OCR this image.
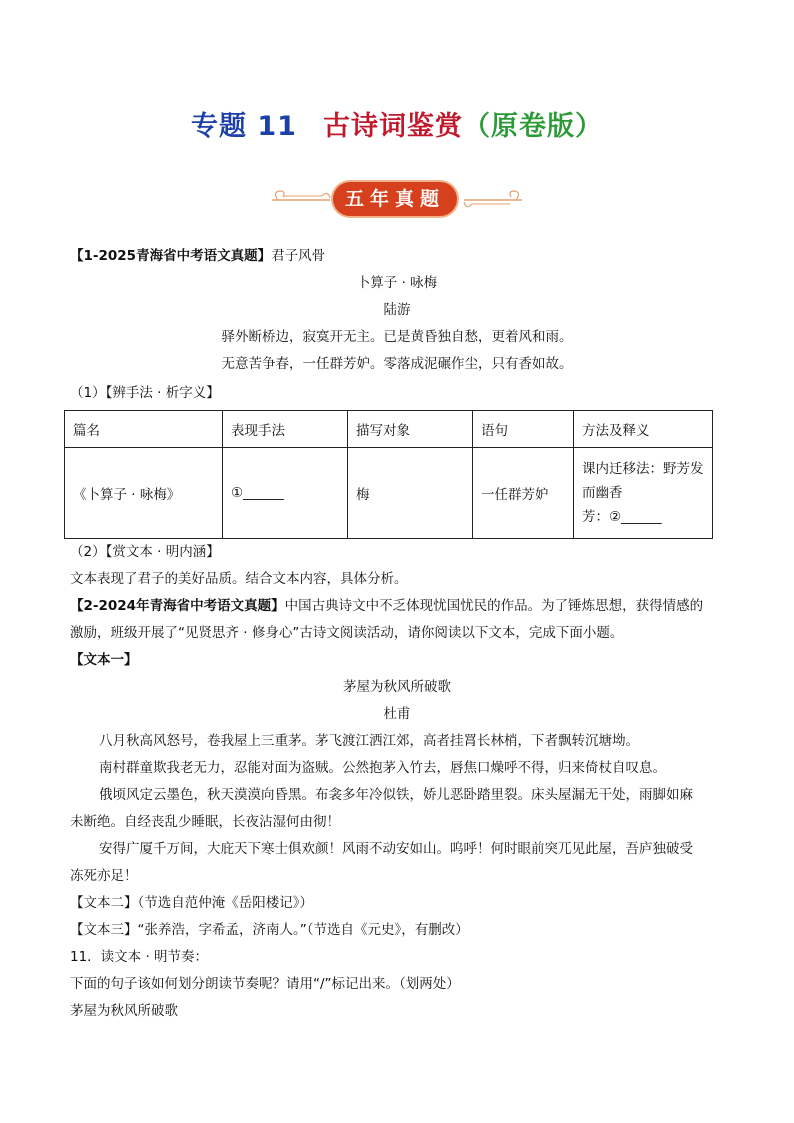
专题 11 古诗词鉴赏（原卷版）
五年真题
【1-2025青海省中考语文真题】君子风骨
卜算子 · 咏梅
陆游
驿外断桥边，寂寞开无主。已是黄昏独自愁，更着风和雨。
无意苦争春，一任群芳妒。零落成泥碾作尘，只有香如故。
（1）【辨手法 · 析字义】
篇名	表现手法	描写对象	语句	方法及释义
《卜算子 · 咏梅》	①______	梅	一任群芳妒	课内迁移法：野芳发
而幽香
芳：②______
（2）【赏文本 · 明内涵】
文本表现了君子的美好品质。结合文本内容，具体分析。
【2-2024年青海省中考语文真题】中国古典诗文中不乏体现忧国忧民的作品。为了锤炼思想，获得情感的
激励，班级开展了“见贤思齐 · 修身心”古诗文阅读活动，请你阅读以下文本，完成下面小题。
【文本一】
茅屋为秋风所破歌
杜甫
八月秋高风怒号，卷我屋上三重茅。茅飞渡江洒江郊，高者挂罥长林梢，下者飘转沉塘坳。
南村群童欺我老无力，忍能对面为盗贼。公然抱茅入竹去，唇焦口燥呼不得，归来倚杖自叹息。
俄顷风定云墨色，秋天漠漠向昏黑。布衾多年冷似铁，娇儿恶卧踏里裂。床头屋漏无干处，雨脚如麻
未断绝。自经丧乱少睡眠，长夜沾湿何由彻！
安得广厦千万间，大庇天下寒士俱欢颜！风雨不动安如山。呜呼！何时眼前突兀见此屋，吾庐独破受
冻死亦足！
【文本二】（节选自范仲淹《岳阳楼记》）
【文本三】“张养浩，字希孟，济南人。”（节选自《元史》，有删改）
11．读文本 · 明节奏：
下面的句子该如何划分朗读节奏呢？请用“/”标记出来。（划两处）
茅屋为秋风所破歌
